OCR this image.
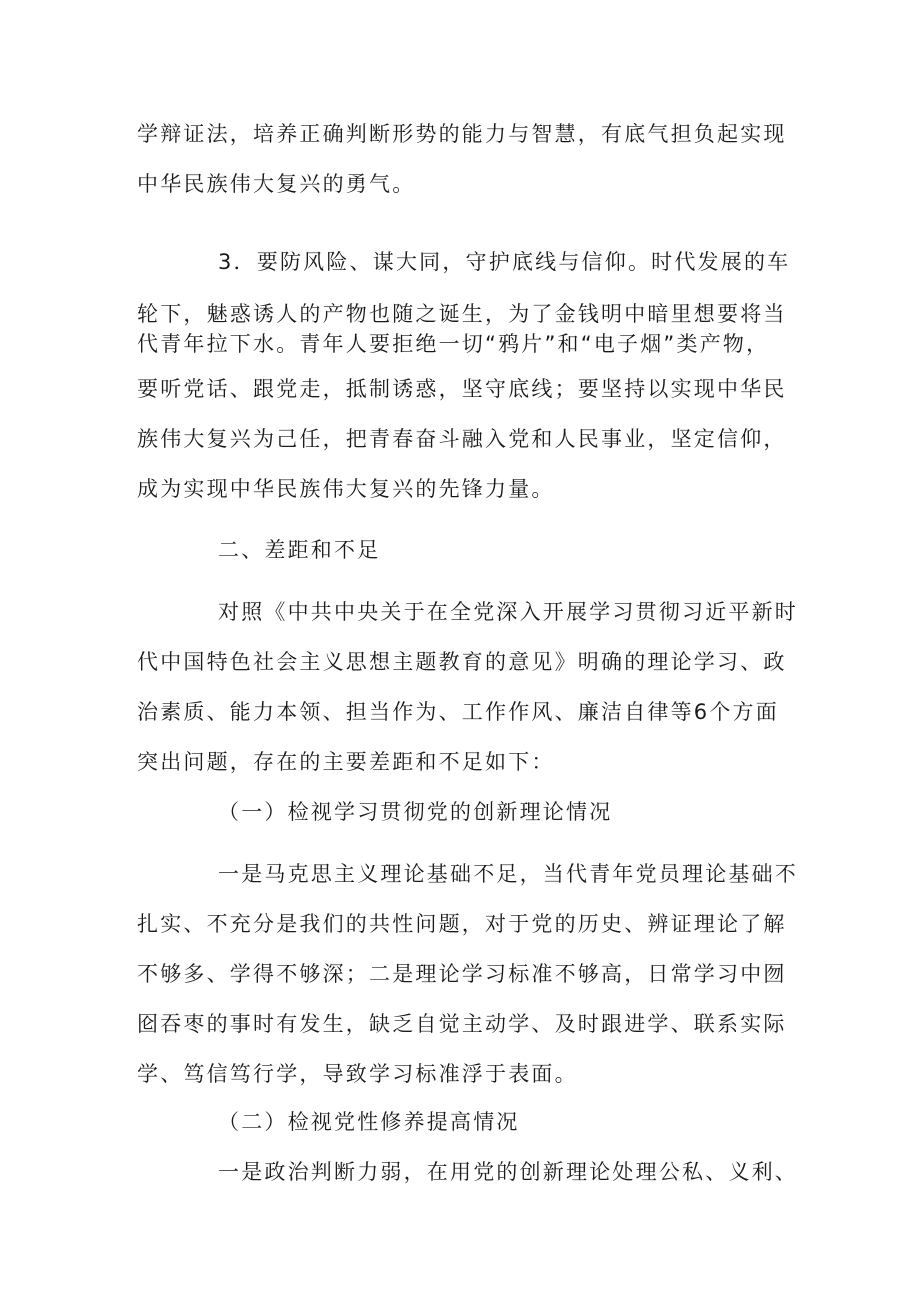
学辩证法，培养正确判断形势的能力与智慧，有底气担负起实现
中华民族伟大复兴的勇气。
3．要防风险、谋大同，守护底线与信仰。时代发展的车
轮下，魅惑诱人的产物也随之诞生，为了金钱明中暗里想要将当
代青年拉下水。青年人要拒绝一切“鸦片”和“电子烟”类产物，
要听党话、跟党走，抵制诱惑，坚守底线；要坚持以实现中华民
族伟大复兴为己任，把青春奋斗融入党和人民事业，坚定信仰，
成为实现中华民族伟大复兴的先锋力量。
二、差距和不足
对照《中共中央关于在全党深入开展学习贯彻习近平新时
代中国特色社会主义思想主题教育的意见》明确的理论学习、政
治素质、能力本领、担当作为、工作作风、廉洁自律等6个方面
突出问题，存在的主要差距和不足如下：
（一）检视学习贯彻党的创新理论情况
一是马克思主义理论基础不足，当代青年党员理论基础不
扎实、不充分是我们的共性问题，对于党的历史、辨证理论了解
不够多、学得不够深；二是理论学习标准不够高，日常学习中囫
囵吞枣的事时有发生，缺乏自觉主动学、及时跟进学、联系实际
学、笃信笃行学，导致学习标准浮于表面。
（二）检视党性修养提高情况
一是政治判断力弱，在用党的创新理论处理公私、义利、
